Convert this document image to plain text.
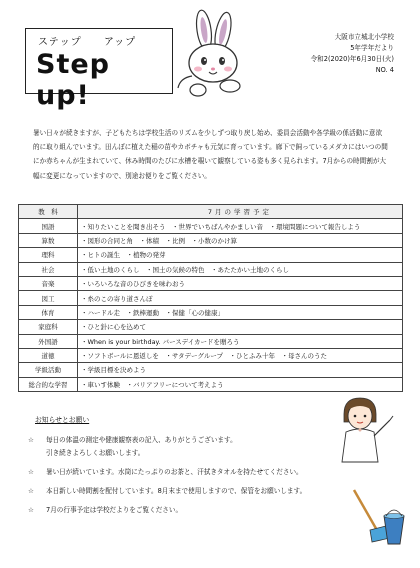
ステップ アップ
Step up!
大阪市立城北小学校
5年学年だより
令和2(2020)年6月30日(火)
NO. 4
暑い日々が続きますが、子どもたちは学校生活のリズムを少しずつ取り戻し始め、委員会活動や各学級の係活動に意欲的に取り組んでいます。田んぼに植えた稲の苗やカボチャも元気に育っています。廊下で飼っているメダカにはいつの間にか赤ちゃんが生まれていて、休み時間のたびに水槽を覗いて観察している姿も多く見られます。7月からの時間割が大幅に変更になっていますので、別途お便りをご覧ください。
教　科	7月の学習予定
国語	・知りたいことを聞き出そう　・世界でいちばんやかましい音　・環境問題について報告しよう
算数	・図形の合同と角　・体積　・比例　・小数のかけ算
理科	・ヒトの誕生　・植物の発芽
社会	・低い土地のくらし　・国土の気候の特色　・あたたかい土地のくらし
音楽	・いろいろな音のひびきを味わおう
図工	・糸のこの寄り道さんぽ
体育	・ハードル走　・鉄棒運動　・保健「心の健康」
家庭科	・ひと針に心を込めて
外国語	・When is your birthday. バースデイカードを贈ろう
道徳	・ソフトボールに恩返しを　・サタデーグループ　・ひとふみ十年　・母さんのうた
学級活動	・学級目標を決めよう
総合的な学習	・車いす体験　・バリアフリーについて考えよう
お知らせとお願い
☆ 毎日の体温の測定や健康観察表の記入、ありがとうございます。
引き続きよろしくお願いします。
☆ 暑い日が続いています。水筒にたっぷりのお茶と、汗拭きタオルを持たせてください。
☆ 本日新しい時間割を配付しています。8月末まで使用しますので、保管をお願いします。
☆ 7月の行事予定は学校だよりをご覧ください。
